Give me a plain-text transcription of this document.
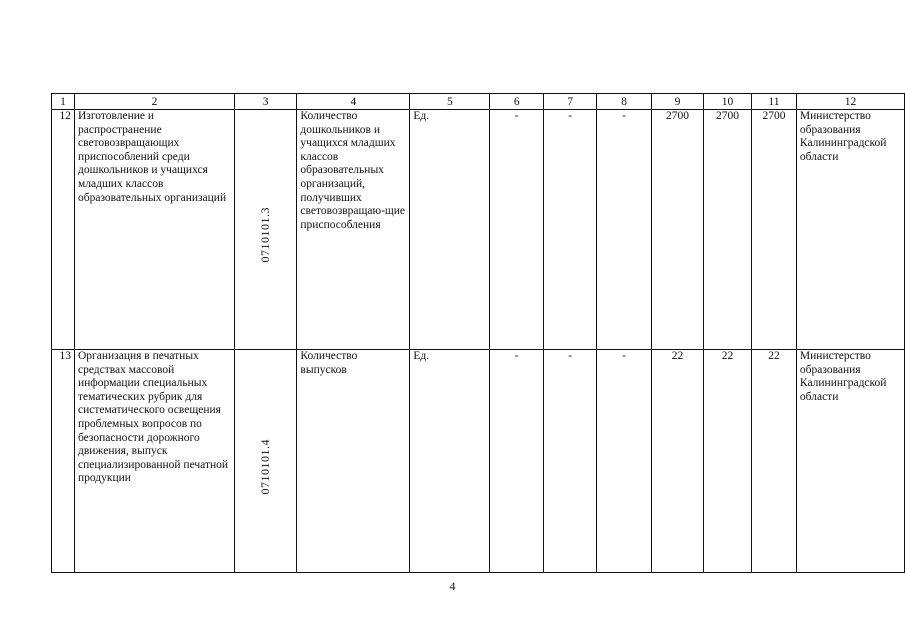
1	2	3	4	5	6	7	8	9	10	11	12
12	Изготовление и распространение световозвращающих приспособлений среди дошкольников и учащихся младших классов образовательных организаций	0710101.3	Количество дошкольников и учащихся младших классов образовательных организаций, получивших световозвращаю-щие приспособления	Ед.	-	-	-	2700	2700	2700	Министерство образования Калининградской области
13	Организация в печатных средствах массовой информации специальных тематических рубрик для систематического освещения проблемных вопросов по безопасности дорожного движения, выпуск специализированной печатной продукции	0710101.4	Количество выпусков	Ед.	-	-	-	22	22	22	Министерство образования Калининградской области
4
